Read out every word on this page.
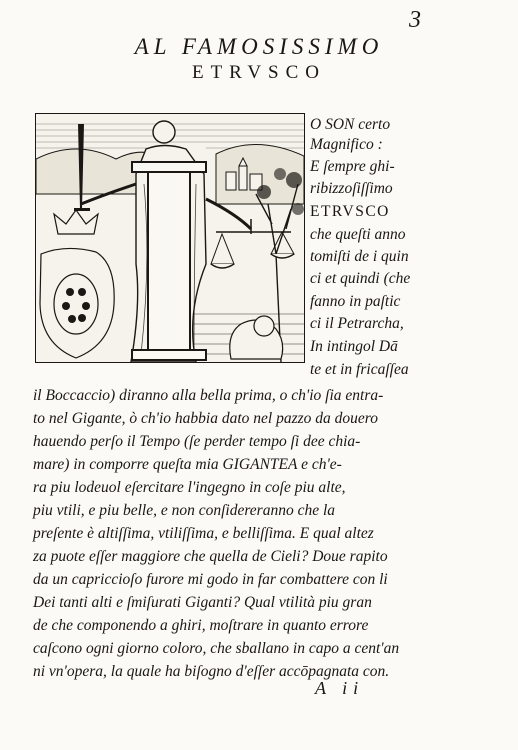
3
AL FAMOSISSIMO
ETRVSCO
O SON certo
Magnifico :
E ſempre ghi-
ribizzoſiſſimo
ETRVSCO
che queſti anno
tomiſti de i quin
ci et quindi (che
fanno in paſtic
ci il Petrarcha,
In intingol Dā
te et in fricaſſea
il Boccaccio) diranno alla bella prima, o ch'io ſia entra-
to nel Gigante, ò ch'io habbia dato nel pazzo da douero
hauendo perſo il Tempo (ſe perder tempo ſi dee chia-
mare) in comporre queſta mia GIGANTEA e ch'e-
ra piu lodeuol eſercitare l'ingegno in coſe piu alte,
piu vtili, e piu belle, e non conſidereranno che la
preſente è altiſſima, vtiliſſima, e belliſſima. E qual altez
za puote eſſer maggiore che quella de Cieli? Doue rapito
da un capriccioſo furore mi godo in far combattere con li
Dei tanti alti e ſmiſurati Giganti? Qual vtilità piu gran
de che componendo a ghiri, moſtrare in quanto errore
caſcono ogni giorno coloro, che sballano in capo a cent'an
ni vn'opera, la quale ha biſogno d'eſſer accōpagnata con.
A ii
